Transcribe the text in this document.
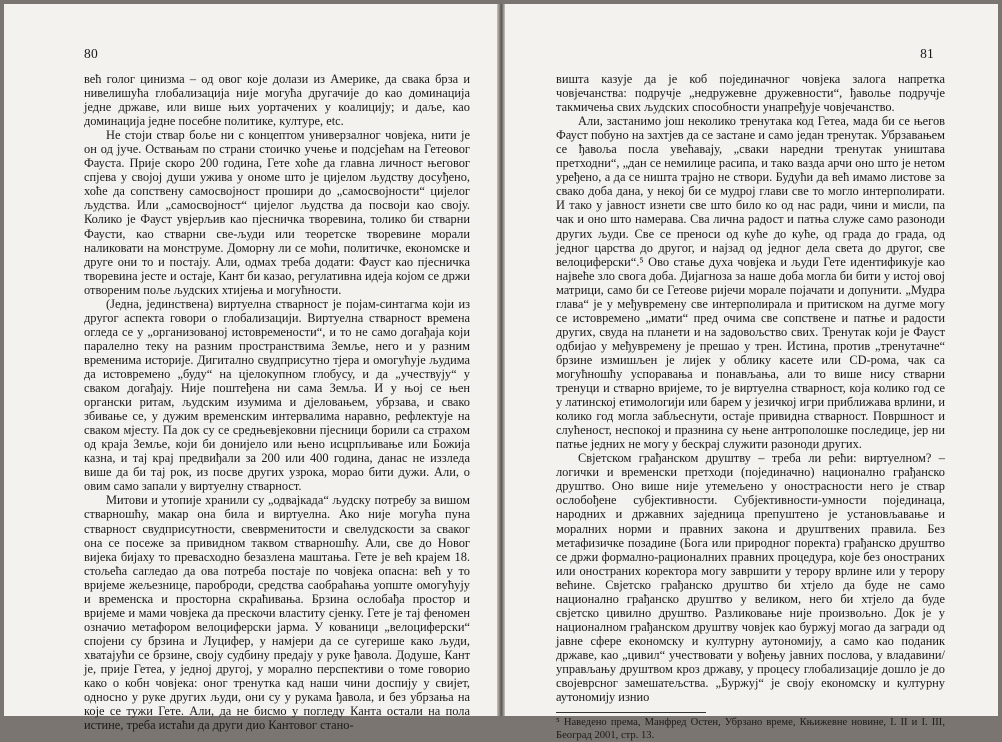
80

већ голог цинизма – од овог које долази из Америке, да свака брза и нивелишућа глобализација није могућа другачије до као доминација једне државе, или више њих уортачених у коалицију; и даље, као доминација једне посебне политике, културе, etc.

Не стоји ствар боље ни с концептом универзалног човјека, нити је он од јуче. Оствањам по страни стоичко учење и подсјећам на Гетеовог Фауста. Прије скоро 200 година, Гете хоће да главна личност његовог спјева у својој души ужива у ономе што је цијелом људству досуђено, хоће да сопствену самосвојност прошири до „самосвојности“ цијелог људства. Или „самосвојност“ цијелог људства да посвоји као своју. Колико је Фауст увјерљив као пјесничка творевина, толико би стварни Фаусти, као стварни све-људи или теоретске творевине морали наликовати на монструме. Доморну ли се моћи, политичке, економске и друге они то и постају. Али, одмах треба додати: Фауст као пјесничка творевина јесте и остаје, Кант би казао, регулативна идеја којом се држи отвореним поље људских хтијења и могућности.

(Једна, јединствена) виртуелна стварност је појам-синтагма који из другог аспекта говори о глобализацији. Виртуелна стварност времена огледа се у „организованој истовремености“, и то не само догађаја који паралелно теку на разним пространствима Земље, него и у разним временима историје. Дигитално свудприсутно тјера и омогућује људима да истовремено „буду“ на цјелокупном глобусу, и да „учествују“ у сваком догађају. Није поштеђена ни сама Земља. И у њој се њен органски ритам, људским изумима и дјеловањем, убрзава, и свако збивање се, у дужим временским интервалима наравно, рефлектује на сваком мјесту. Па док су се средњевјековни пјесници борили са страхом од краја Земље, који би донијело или њено исцрпљивање или Божија казна, и тај крај предвиђали за 200 или 400 година, данас не иззледа више да би тај рок, из посве других узрока, морао бити дужи. Али, о овим само запали у виртуелну стварност.

Митови и утопије хранили су „одвајкада“ људску потребу за вишом стварношћу, макар она била и виртуелна. Ако није могућа пуна стварност свудприсутности, свеврменитости и свелудскости за сваког она се посеже за привидном таквом стварношћу. Али, све до Новог вијека бијаху то превасходно безазлена маштања. Гете је већ крајем 18. стољећа сагледао да ова потреба постаје по човјека опасна: већ у то вријеме жељезнице, пароброди, средства саобраћања уопште омогућују и временска и просторна скраћивања. Брзина ослобађа простор и вријеме и мами човјека да прескочи властиту сјенку. Гете је тај феномен означио метафором велоциферски јарма. У кованици „велоциферски“ спојени су брзина и Луцифер, у намјери да се сугерише како људи, хватајући се брзине, своју судбину предају у руке ђавола. Додуше, Кант је, прије Гетеа, у једној другој, у морално перспективи о томе говорио како о кобн човјека: оног тренутка кад наши чини доспију у свијет, односно у руке других људи, они су у рукама ђавола, и без убрзања на које се тужи Гете. Али, да не бисмо у погледу Канта остали на пола истине, треба истаћи да други дио Кантовог стано-

81

вишта казује да је коб појединачног човјека залога напретка човјечанства: подручје „недружевне дружевности“, ђаволье подручје такмичења свих људских способности унапређује човјечанство.

Али, застанимо још неколико тренутака код Гетеа, мада би се његов Фауст побуно на захтјев да се застане и само један тренутак. Убрзавањем се ђавоља посла увећавају, „сваки наредни тренутак уништава претходни“, „дан се немилице расипа, и тако вазда арчи оно што је нетом уређено, а да се ништа трајно не створи. Будући да већ имамо листове за свако доба дана, у некој би се мудрој глави све то могло интерполирати. И тако у јавност изнети све што било ко од нас ради, чини и мисли, па чак и оно што намерава. Сва лична радост и патња служе само разоноди других људи. Све се преноси од куће до куће, од града до града, од једног царства до другог, и најзад од једног дела света до другог, све велоциферски“.⁵ Ово стање духа човјека и људи Гете идентификује као највеће зло свога доба. Дијагноза за наше доба могла би бити у истој овој матрици, само би се Гетеове ријечи морале појачати и допунити. „Мудра глава“ је у међувремену све интерполирала и притиском на дугме могу се истовремено „имати“ пред очима све сопствене и патње и радости других, свуда на планети и на задовољство свих. Тренутак који је Фауст одбијао у међувремену је прешао у трен. Истина, против „тренутачне“ брзине измишљен је лијек у облику касете или CD-рома, чак са могућношћу успоравања и понављања, али то више нису стварни тренуци и стварно вријеме, то је виртуелна стварност, која колико год се у латинској етимологији или барем у језичкој игри приближава врлини, и колико год могла забљеснути, остаје привидна стварност. Површност и слућеност, неспокој и празнина су њене антрополошке последице, јер ни патње једних не могу у бескрај служити разоноди других.

Свјетском грађанском друштву – треба ли рећи: виртуелном? – логички и временски претходи (појединачно) национално грађанско друштво. Оно више није утемељено у онострасности него је ствар ослобођене субјективности. Субјективности-умности појединаца, народних и државних заједница препуштено је установљавање и моралних норми и правних закона и друштвених правила. Без метафизичке позадине (Бога или природног поректа) грађанско друштво се држи формално-рационалних правних процедура, које без оностраних или оностраних коректора могу завршити у терору врлине или у терору већине. Свјетско грађанско друштво би хтјело да буде не само национално грађанско друштво у великом, него би хтјело да буде свјетско цивилно друштво. Разликовање није произвољно. Док је у националном грађанском друштву човјек као буржуј могао да загради од јавне сфере економску и културну аутономију, а само као поданик државе, као „цивил“ учествовати у вођењу јавних послова, у владавини/управљању друштвом кроз државу, у процесу глобализације дошло је до својеврсног замешатељства. „Буржуј“ је своју економску и културну аутономију изнио

⁵ Наведено према, Манфред Остен, Убрзано време, Књижевне новине, I. II и I. III, Београд 2001, стр. 13.
